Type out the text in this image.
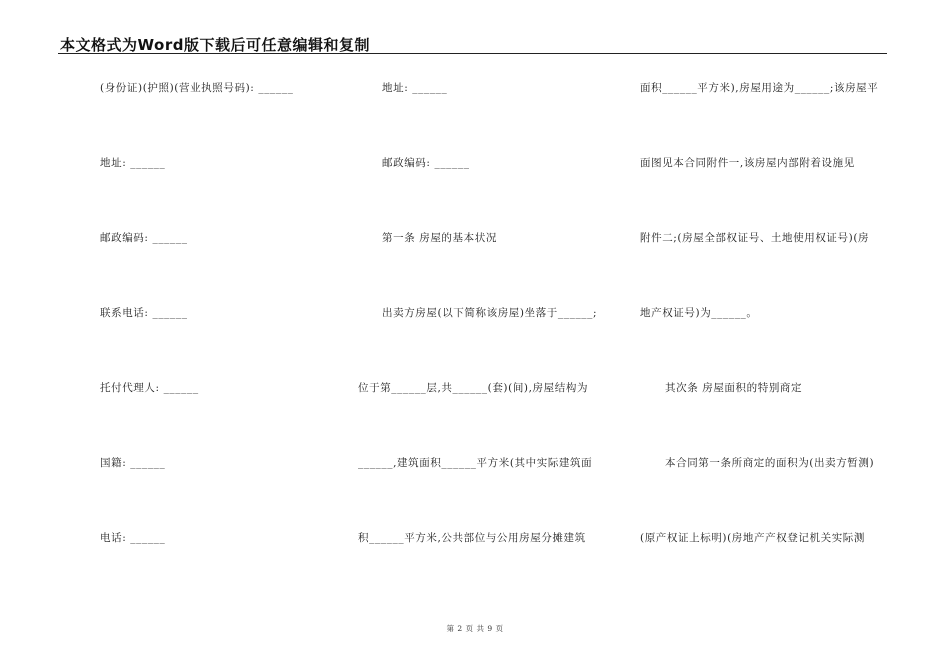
本文格式为Word版下载后可任意编辑和复制
(身份证)(护照)(营业执照号码): ______
地址: ______
邮政编码: ______
联系电话: ______
托付代理人: ______
国籍: ______
电话: ______
地址: ______
邮政编码: ______
第一条 房屋的基本状况
出卖方房屋(以下简称该房屋)坐落于______;
位于第______层,共______(套)(间),房屋结构为
______,建筑面积______平方米(其中实际建筑面
积______平方米,公共部位与公用房屋分摊建筑
面积______平方米),房屋用途为______;该房屋平
面图见本合同附件一,该房屋内部附着设施见
附件二;(房屋全部权证号、土地使用权证号)(房
地产权证号)为______。
其次条 房屋面积的特别商定
本合同第一条所商定的面积为(出卖方暂测)
(原产权证上标明)(房地产产权登记机关实际测
第 2 页 共 9 页
